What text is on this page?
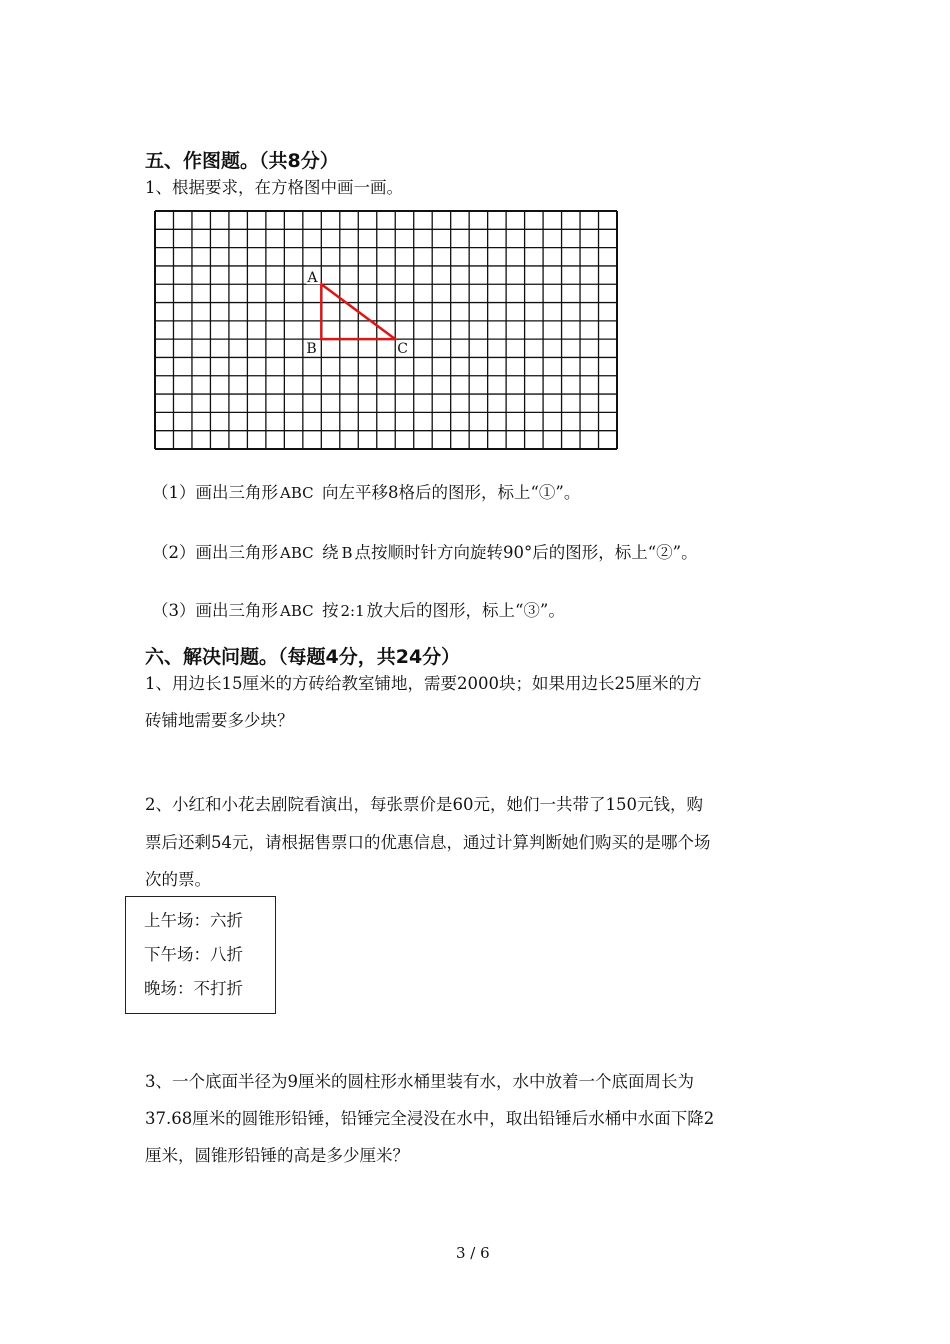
五、作图题。（共8分）
1、根据要求，在方格图中画一画。
A
B	C
（1）画出三角形 ABC 向左平移8格后的图形，标上“①”。
（2）画出三角形 ABC 绕 B 点按顺时针方向旋转90°后的图形，标上“②”。
（3）画出三角形 ABC 按 2:1 放大后的图形，标上“③”。
六、解决问题。（每题4分，共24分）
1、用边长15厘米的方砖给教室铺地，需要2000块；如果用边长25厘米的方
砖铺地需要多少块？
2、小红和小花去剧院看演出，每张票价是60元，她们一共带了150元钱，购
票后还剩54元，请根据售票口的优惠信息，通过计算判断她们购买的是哪个场
次的票。
上午场：六折
下午场：八折
晚场：不打折
3、一个底面半径为9厘米的圆柱形水桶里装有水，水中放着一个底面周长为
37.68厘米的圆锥形铅锤，铅锤完全浸没在水中，取出铅锤后水桶中水面下降2
厘米，圆锥形铅锤的高是多少厘米？
3 / 6
